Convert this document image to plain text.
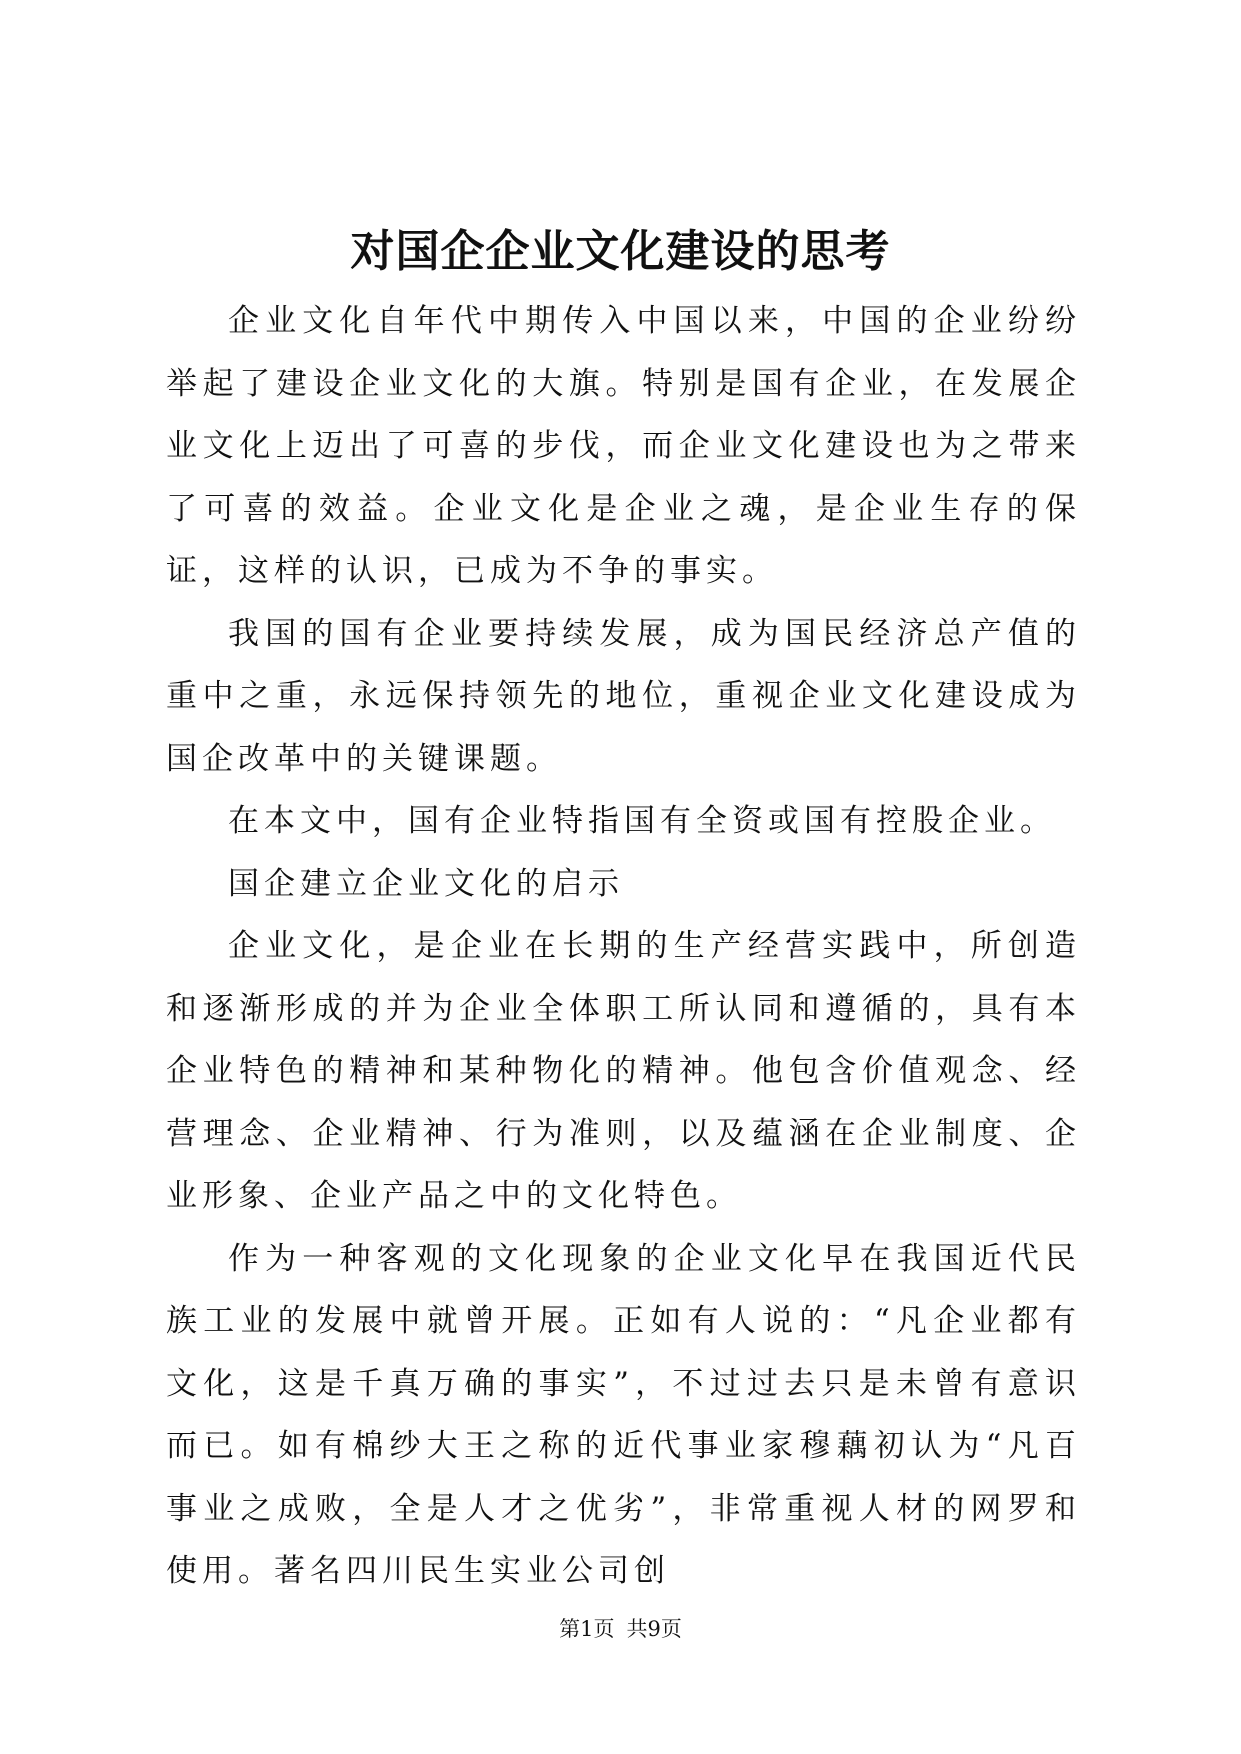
对国企企业文化建设的思考

企业文化自年代中期传入中国以来，中国的企业纷纷举起了建设企业文化的大旗。特别是国有企业，在发展企业文化上迈出了可喜的步伐，而企业文化建设也为之带来了可喜的效益。企业文化是企业之魂，是企业生存的保证，这样的认识，已成为不争的事实。

我国的国有企业要持续发展，成为国民经济总产值的重中之重，永远保持领先的地位，重视企业文化建设成为国企改革中的关键课题。

在本文中，国有企业特指国有全资或国有控股企业。

国企建立企业文化的启示

企业文化，是企业在长期的生产经营实践中，所创造和逐渐形成的并为企业全体职工所认同和遵循的，具有本企业特色的精神和某种物化的精神。他包含价值观念、经营理念、企业精神、行为准则，以及蕴涵在企业制度、企业形象、企业产品之中的文化特色。

作为一种客观的文化现象的企业文化早在我国近代民族工业的发展中就曾开展。正如有人说的：“凡企业都有文化，这是千真万确的事实”，不过过去只是未曾有意识而已。如有棉纱大王之称的近代事业家穆藕初认为“凡百事业之成败，全是人才之优劣”，非常重视人材的网罗和使用。著名四川民生实业公司创

第1页 共9页
